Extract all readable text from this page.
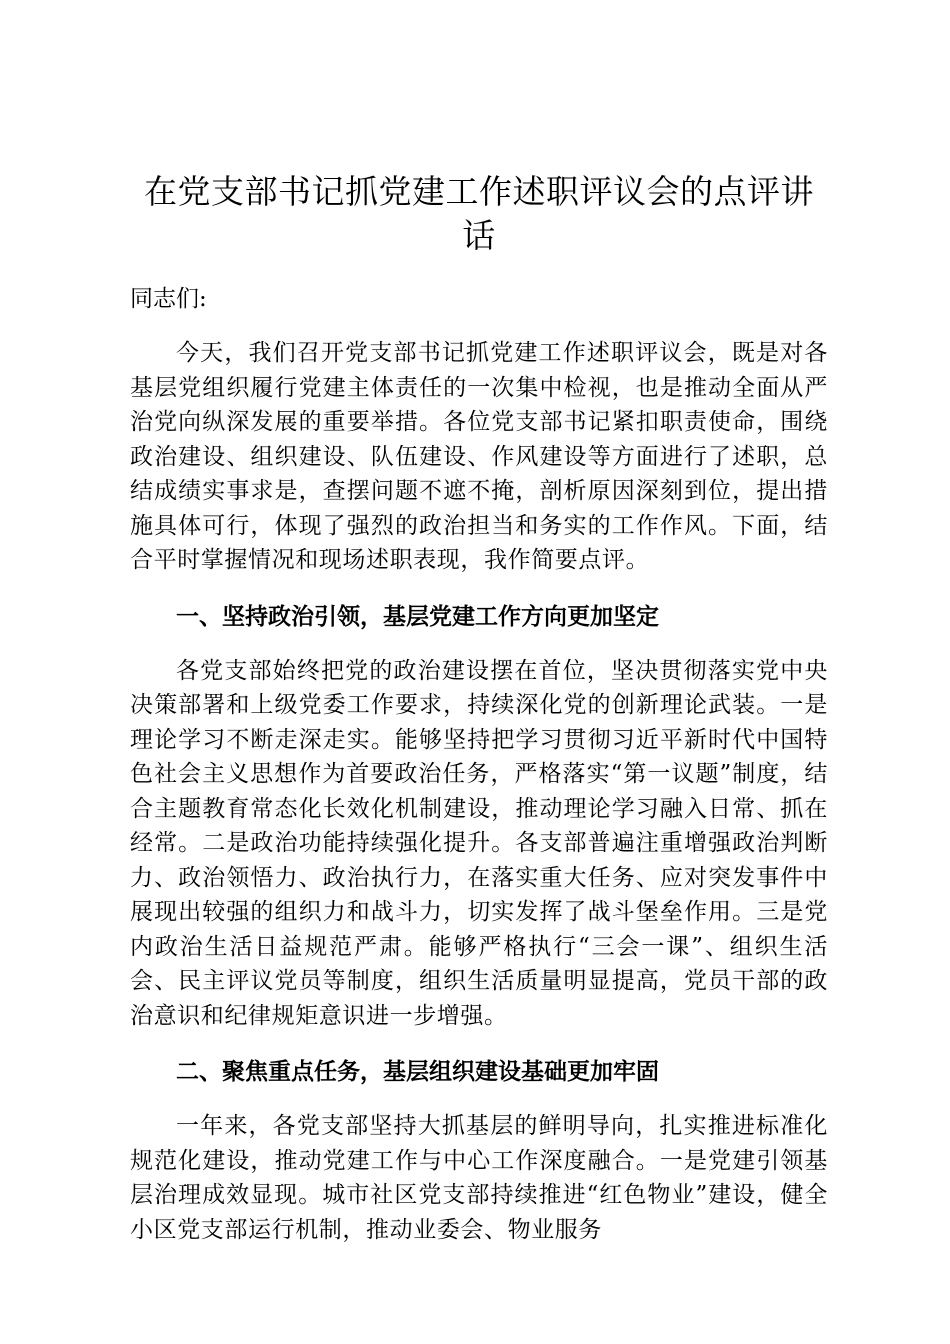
在党支部书记抓党建工作述职评议会的点评讲话

同志们:

今天，我们召开党支部书记抓党建工作述职评议会，既是对各基层党组织履行党建主体责任的一次集中检视，也是推动全面从严治党向纵深发展的重要举措。各位党支部书记紧扣职责使命，围绕政治建设、组织建设、队伍建设、作风建设等方面进行了述职，总结成绩实事求是，查摆问题不遮不掩，剖析原因深刻到位，提出措施具体可行，体现了强烈的政治担当和务实的工作作风。下面，结合平时掌握情况和现场述职表现，我作简要点评。

一、坚持政治引领，基层党建工作方向更加坚定

各党支部始终把党的政治建设摆在首位，坚决贯彻落实党中央决策部署和上级党委工作要求，持续深化党的创新理论武装。一是理论学习不断走深走实。能够坚持把学习贯彻习近平新时代中国特色社会主义思想作为首要政治任务，严格落实“第一议题”制度，结合主题教育常态化长效化机制建设，推动理论学习融入日常、抓在经常。二是政治功能持续强化提升。各支部普遍注重增强政治判断力、政治领悟力、政治执行力，在落实重大任务、应对突发事件中展现出较强的组织力和战斗力，切实发挥了战斗堡垒作用。三是党内政治生活日益规范严肃。能够严格执行“三会一课”、组织生活会、民主评议党员等制度，组织生活质量明显提高，党员干部的政治意识和纪律规矩意识进一步增强。

二、聚焦重点任务，基层组织建设基础更加牢固

一年来，各党支部坚持大抓基层的鲜明导向，扎实推进标准化规范化建设，推动党建工作与中心工作深度融合。一是党建引领基层治理成效显现。城市社区党支部持续推进“红色物业”建设，健全小区党支部运行机制，推动业委会、物业服务
